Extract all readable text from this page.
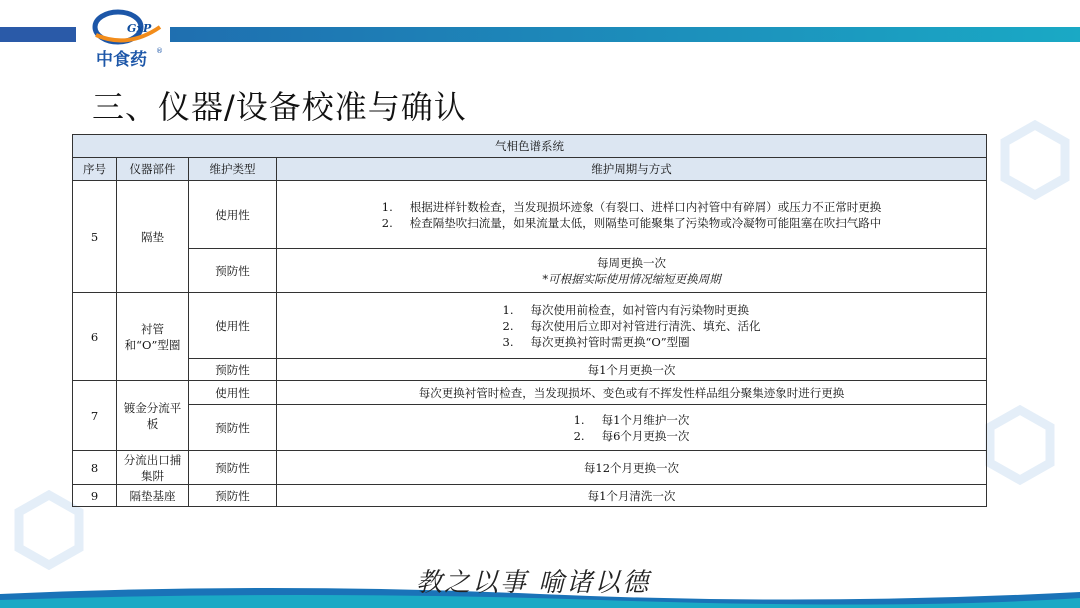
GxP
中食药 ®
三、仪器/设备校准与确认
气相色谱系统			
序号	仪器部件	维护类型	维护周期与方式
5	隔垫	使用性	1. 根据进样针数检查，当发现损坏迹象（有裂口、进样口内衬管中有碎屑）或压力不正常时更换
2. 检查隔垫吹扫流量，如果流量太低，则隔垫可能聚集了污染物或冷凝物可能阻塞在吹扫气路中

		预防性	每周更换一次
*可根据实际使用情况缩短更换周期

6	衬管和“O”型圈	使用性	1. 每次使用前检查，如衬管内有污染物时更换
2. 每次使用后立即对衬管进行清洗、填充、活化
3. 每次更换衬管时需更换“O”型圈

		预防性	每1个月更换一次
7	镀金分流平板	使用性	每次更换衬管时检查，当发现损坏、变色或有不挥发性样品组分聚集迹象时进行更换
		预防性	1. 每1个月维护一次
2. 每6个月更换一次

8	分流出口捕集阱	预防性	每12个月更换一次
9	隔垫基座	预防性	每1个月清洗一次
教之以事 喻诸以德
